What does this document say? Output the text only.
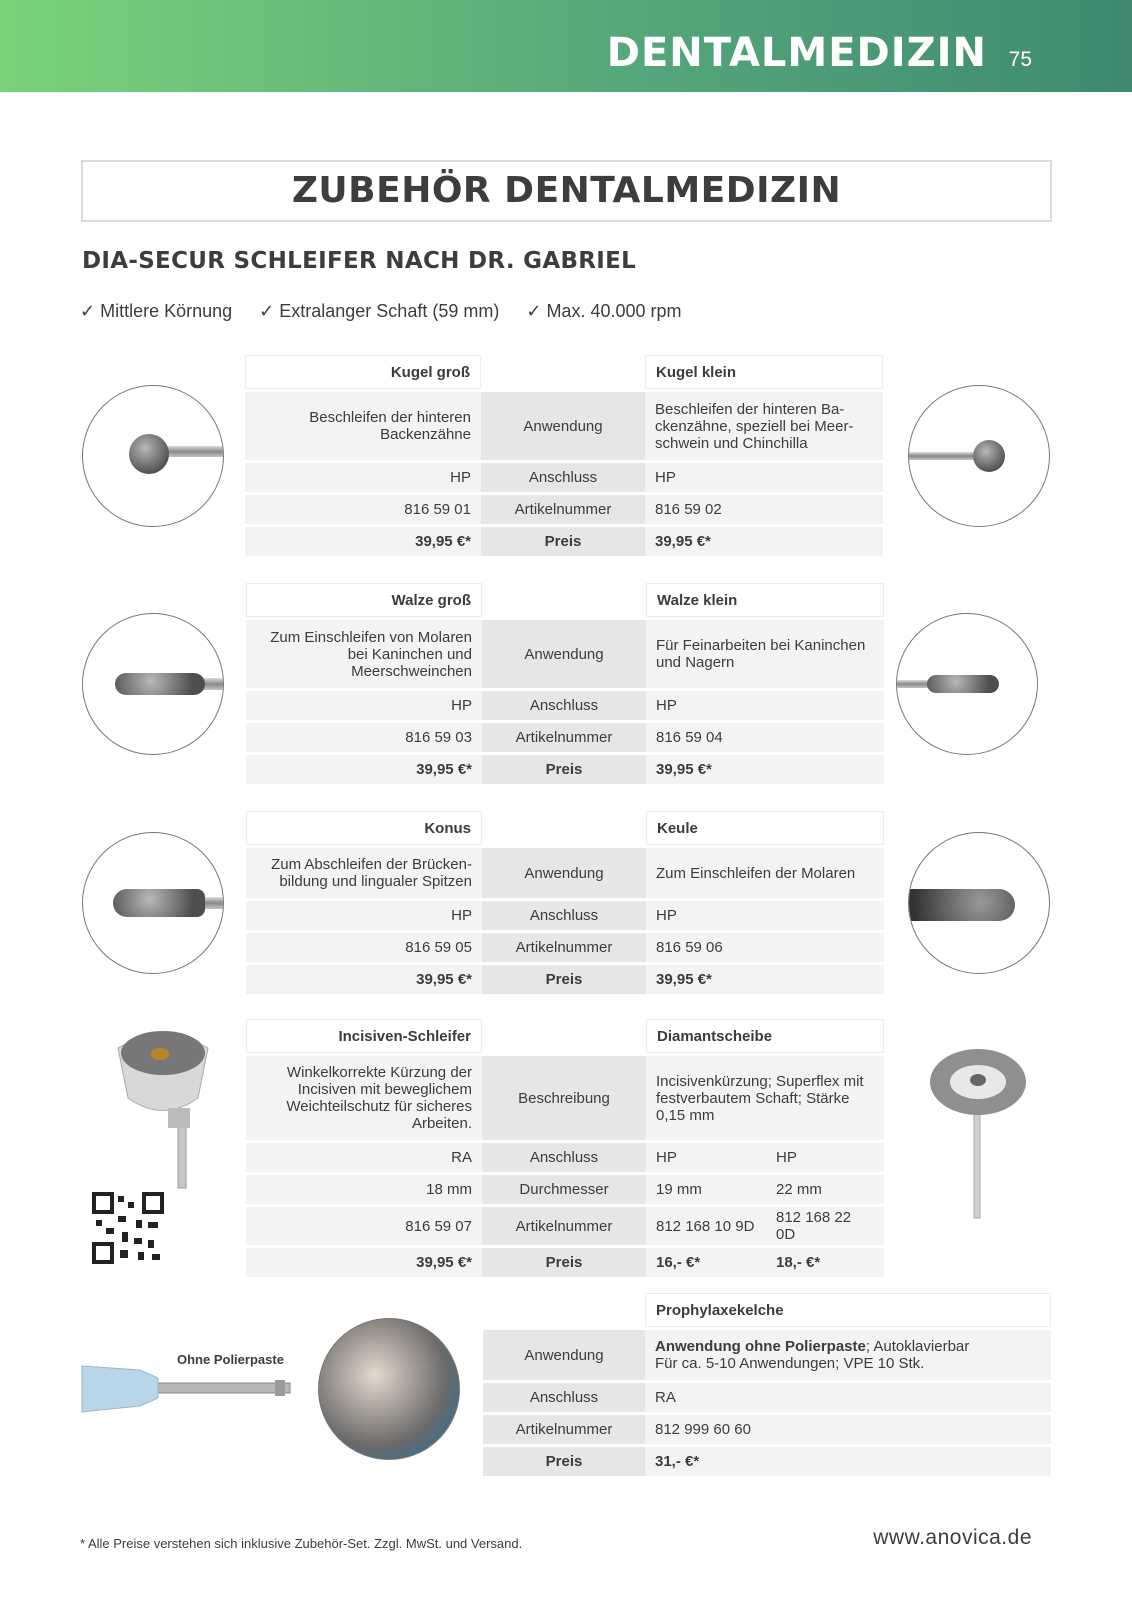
DENTALMEDIZIN 75
ZUBEHÖR DENTALMEDIZIN
DIA-SECUR SCHLEIFER NACH DR. GABRIEL
✓ Mittlere Körnung ✓ Extralanger Schaft (59 mm) ✓ Max. 40.000 rpm
Kugel groß		Kugel klein
Beschleifen der hinteren Backenzähne	Anwendung	Beschleifen der hinteren Ba-ckenzähne, speziell bei Meer-schwein und Chinchilla
HP	Anschluss	HP
816 59 01	Artikelnummer	816 59 02
39,95 €*	Preis	39,95 €*
Walze groß		Walze klein
Zum Einschleifen von Molaren bei Kaninchen und Meerschweinchen	Anwendung	Für Feinarbeiten bei Kaninchen und Nagern
HP	Anschluss	HP
816 59 03	Artikelnummer	816 59 04
39,95 €*	Preis	39,95 €*
Konus		Keule
Zum Abschleifen der Brücken-bildung und lingualer Spitzen	Anwendung	Zum Einschleifen der Molaren
HP	Anschluss	HP
816 59 05	Artikelnummer	816 59 06
39,95 €*	Preis	39,95 €*
Incisiven-Schleifer		Diamantscheibe	
Winkelkorrekte Kürzung der Incisiven mit beweglichem Weichteilschutz für sicheres Arbeiten.	Beschreibung	Incisivenkürzung; Superflex mit festverbautem Schaft; Stärke 0,15 mm	
RA	Anschluss	HP	HP
18 mm	Durchmesser	19 mm	22 mm
816 59 07	Artikelnummer	812 168 10 9D	812 168 22 0D
39,95 €*	Preis	16,- €*	18,- €*
Ohne Polierpaste
	Prophylaxekelche
Anwendung	Anwendung ohne Polierpaste; Autoklavierbar
Für ca. 5-10 Anwendungen; VPE 10 Stk.
Anschluss	RA
Artikelnummer	812 999 60 60
Preis	31,- €*
* Alle Preise verstehen sich inklusive Zubehör-Set. Zzgl. MwSt. und Versand.	www.anovica.de
